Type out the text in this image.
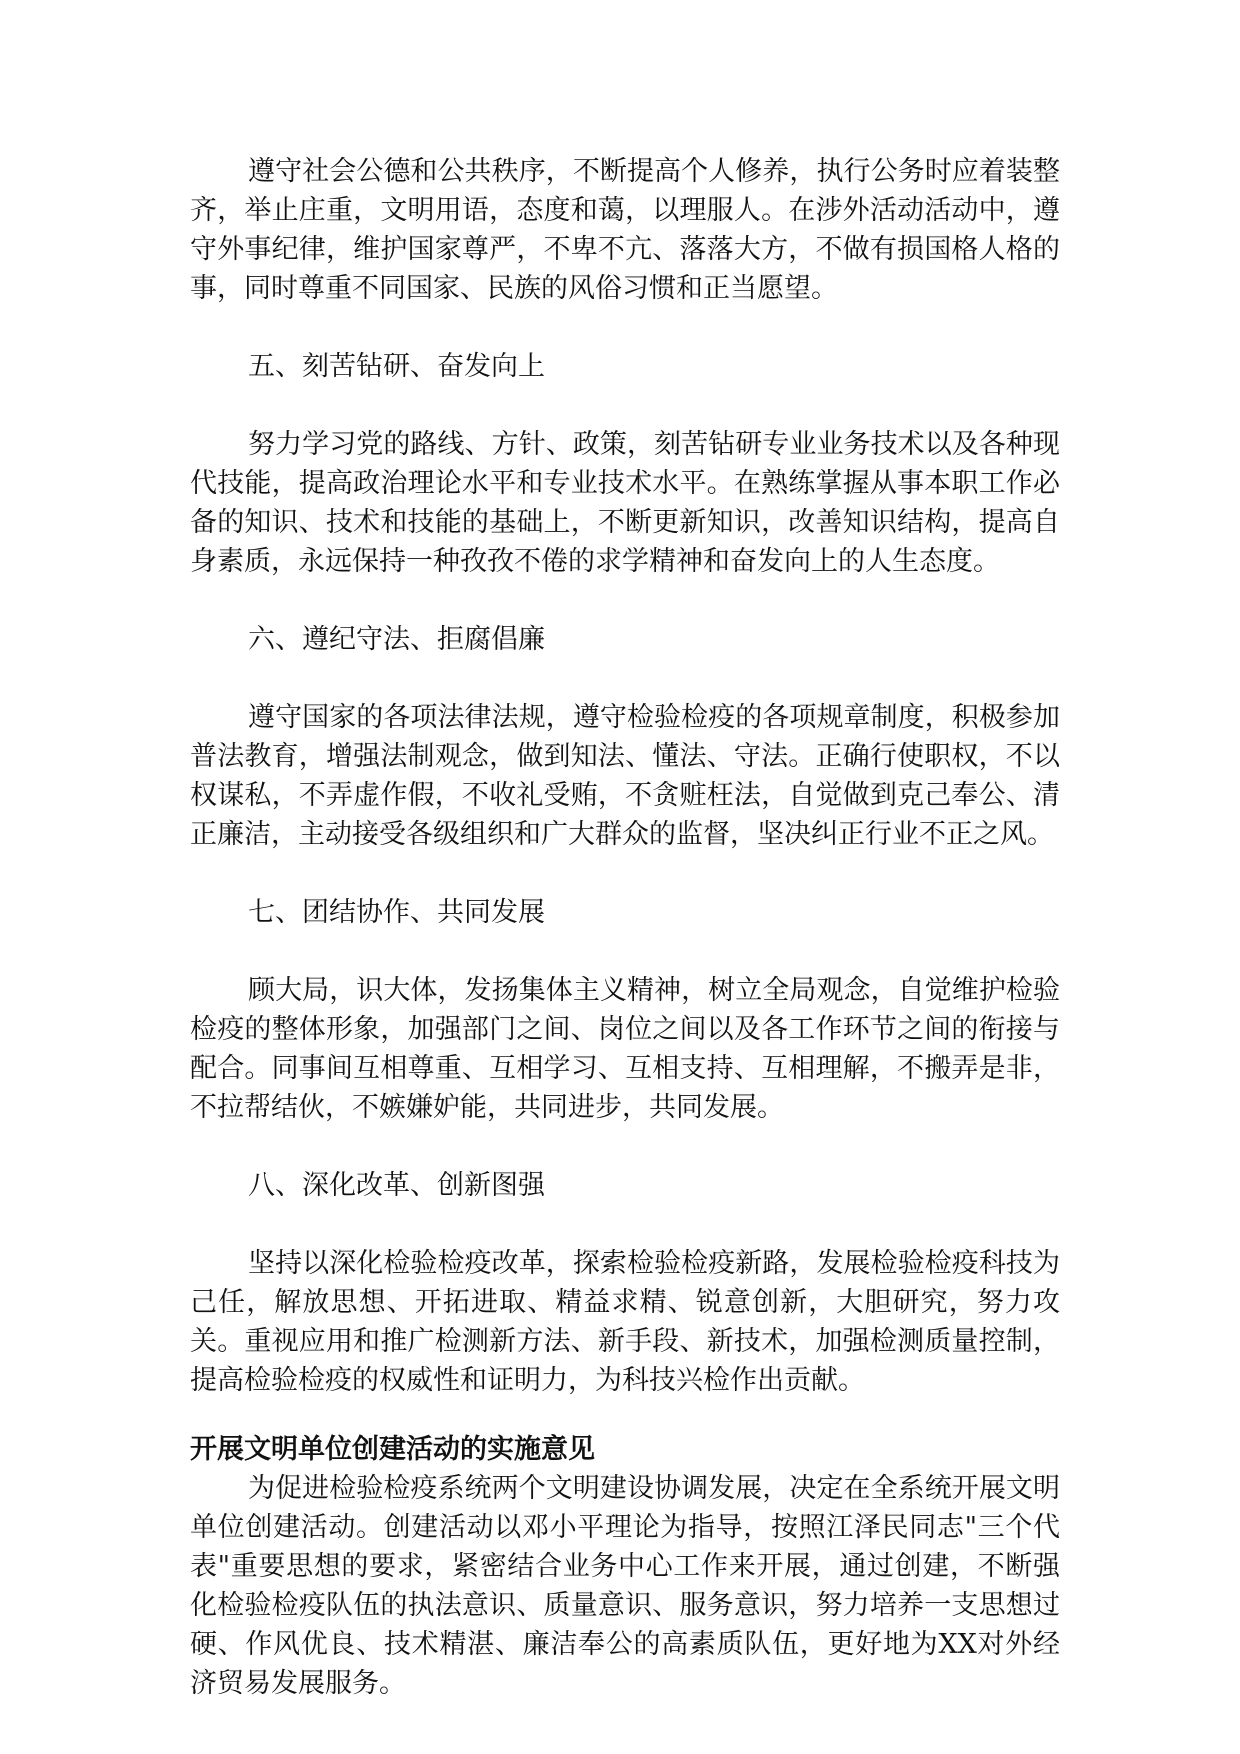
遵守社会公德和公共秩序，不断提高个人修养，执行公务时应着装整齐，举止庄重，文明用语，态度和蔼，以理服人。在涉外活动活动中，遵守外事纪律，维护国家尊严，不卑不亢、落落大方，不做有损国格人格的事，同时尊重不同国家、民族的风俗习惯和正当愿望。

五、刻苦钻研、奋发向上

努力学习党的路线、方针、政策，刻苦钻研专业业务技术以及各种现代技能，提高政治理论水平和专业技术水平。在熟练掌握从事本职工作必备的知识、技术和技能的基础上，不断更新知识，改善知识结构，提高自身素质，永远保持一种孜孜不倦的求学精神和奋发向上的人生态度。

六、遵纪守法、拒腐倡廉

遵守国家的各项法律法规，遵守检验检疫的各项规章制度，积极参加普法教育，增强法制观念，做到知法、懂法、守法。正确行使职权，不以权谋私，不弄虚作假，不收礼受贿，不贪赃枉法，自觉做到克己奉公、清正廉洁，主动接受各级组织和广大群众的监督，坚决纠正行业不正之风。

七、团结协作、共同发展

顾大局，识大体，发扬集体主义精神，树立全局观念，自觉维护检验检疫的整体形象，加强部门之间、岗位之间以及各工作环节之间的衔接与配合。同事间互相尊重、互相学习、互相支持、互相理解，不搬弄是非，不拉帮结伙，不嫉嫌妒能，共同进步，共同发展。

八、深化改革、创新图强

坚持以深化检验检疫改革，探索检验检疫新路，发展检验检疫科技为己任，解放思想、开拓进取、精益求精、锐意创新，大胆研究，努力攻关。重视应用和推广检测新方法、新手段、新技术，加强检测质量控制，提高检验检疫的权威性和证明力，为科技兴检作出贡献。

开展文明单位创建活动的实施意见

为促进检验检疫系统两个文明建设协调发展，决定在全系统开展文明单位创建活动。创建活动以邓小平理论为指导，按照江泽民同志"三个代表"重要思想的要求，紧密结合业务中心工作来开展，通过创建，不断强化检验检疫队伍的执法意识、质量意识、服务意识，努力培养一支思想过硬、作风优良、技术精湛、廉洁奉公的高素质队伍，更好地为XX对外经济贸易发展服务。
